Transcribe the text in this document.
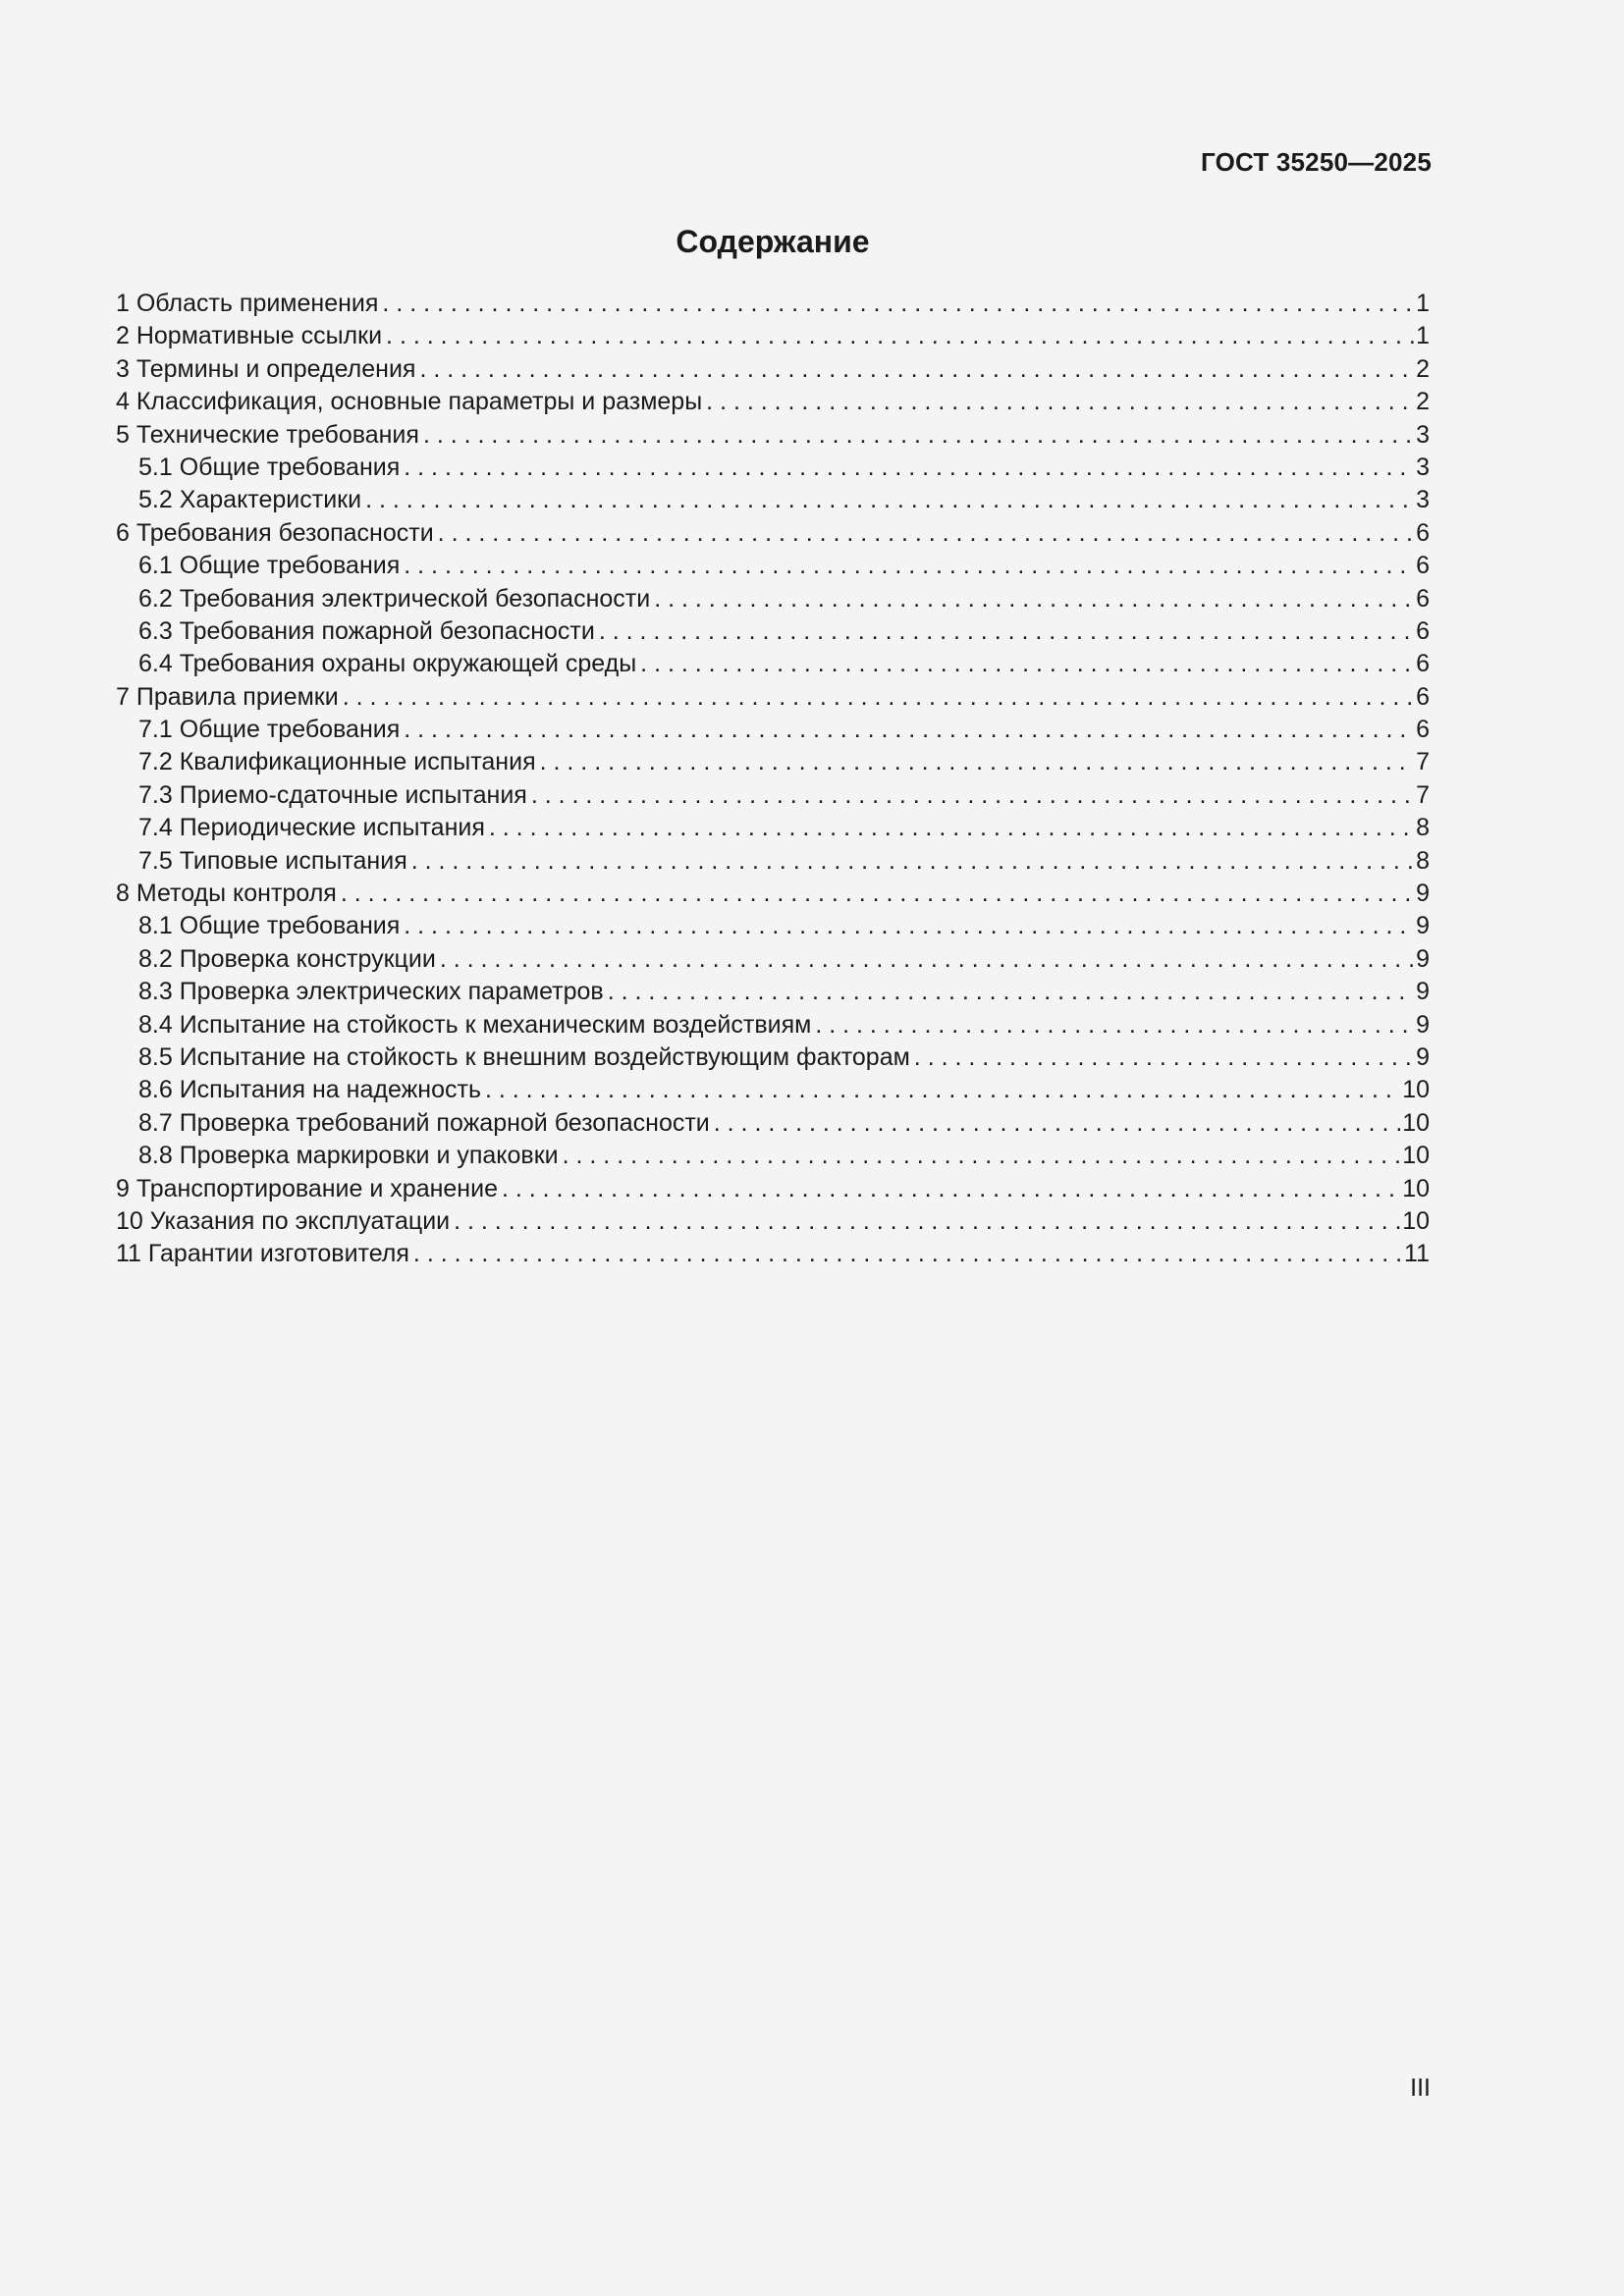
ГОСТ 35250—2025
Содержание
1 Область применения . . .	1
2 Нормативные ссылки . . .	1
3 Термины и определения . . .	2
4 Классификация, основные параметры и размеры . . .	2
5 Технические требования . . .	3
5.1 Общие требования . . .	3
5.2 Характеристики . . .	3
6 Требования безопасности . . .	6
6.1 Общие требования . . .	6
6.2 Требования электрической безопасности . . .	6
6.3 Требования пожарной безопасности . . .	6
6.4 Требования охраны окружающей среды . . .	6
7 Правила приемки . . .	6
7.1 Общие требования . . .	6
7.2 Квалификационные испытания . . .	7
7.3 Приемо-сдаточные испытания . . .	7
7.4 Периодические испытания . . .	8
7.5 Типовые испытания . . .	8
8 Методы контроля . . .	9
8.1 Общие требования . . .	9
8.2 Проверка конструкции . . .	9
8.3 Проверка электрических параметров . . .	9
8.4 Испытание на стойкость к механическим воздействиям . . .	9
8.5 Испытание на стойкость к внешним воздействующим факторам . . .	9
8.6 Испытания на надежность . . .	10
8.7 Проверка требований пожарной безопасности . . .	10
8.8 Проверка маркировки и упаковки . . .	10
9 Транспортирование и хранение . . .	10
10 Указания по эксплуатации . . .	10
11 Гарантии изготовителя . . .	11
III
